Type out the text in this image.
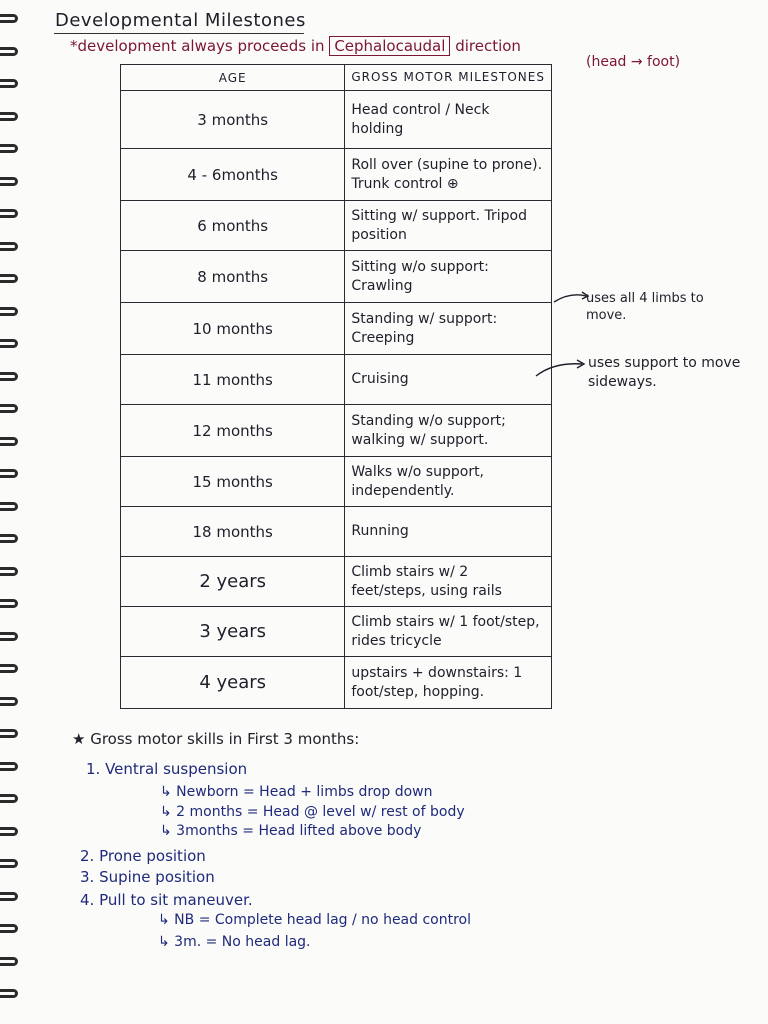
Developmental Milestones
*development always proceeds in Cephalocaudal direction
(head → foot)
AGE	GROSS MOTOR MILESTONES
3 months	Head control / Neck holding
4 - 6months	Roll over (supine to prone). Trunk control ⊕
6 months	Sitting w/ support. Tripod position
8 months	Sitting w/o support: Crawling
10 months	Standing w/ support: Creeping
11 months	Cruising
12 months	Standing w/o support; walking w/ support.
15 months	Walks w/o support, independently.
18 months	Running
2 years	Climb stairs w/ 2 feet/steps, using rails
3 years	Climb stairs w/ 1 foot/step, rides tricycle
4 years	upstairs + downstairs: 1 foot/step, hopping.
uses all 4 limbs to move.
uses support to move sideways.
★ Gross motor skills in First 3 months:
1. Ventral suspension
↳ Newborn = Head + limbs drop down
↳ 2 months = Head @ level w/ rest of body
↳ 3months = Head lifted above body
2. Prone position
3. Supine position
4. Pull to sit maneuver.
↳ NB = Complete head lag / no head control
↳ 3m. = No head lag.
